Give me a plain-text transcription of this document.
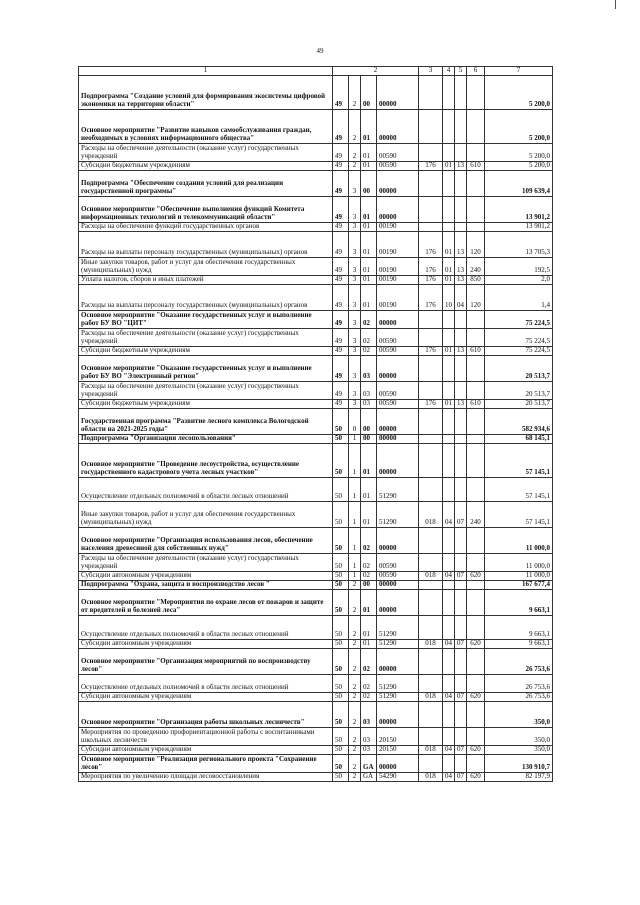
49
1	2				3	4	5	6	7
Подпрограмма "Создание условий для формирования экосистемы цифровой экономики на территории области"	49	2	00	00000					5 200,0
Основное мероприятие "Развитие навыков самообслуживания граждан, необходимых в условиях информационного общества"	49	2	01	00000					5 200,0
Расходы на обеспечение деятельности (оказание услуг) государственных учреждений	49	2	01	00590					5 200,0
Субсидии бюджетным учреждениям	49	2	01	00590	176	01	13	610	5 200,0
Подпрограмма "Обеспечение создания условий для реализации государственной программы"	49	3	00	00000					109 639,4
Основное мероприятие "Обеспечение выполнения функций Комитета информационных технологий и телекоммуникаций области"	49	3	01	00000					13 901,2
Расходы на обеспечение функций государственных органов	49	3	01	00190					13 901,2
Расходы на выплаты персоналу государственных (муниципальных) органов	49	3	01	00190	176	01	13	120	13 705,3
Иные закупки товаров, работ и услуг для обеспечения государственных (муниципальных) нужд	49	3	01	00190	176	01	13	240	192,5
Уплата налогов, сборов и иных платежей	49	3	01	00190	176	01	13	850	2,0
Расходы на выплаты персоналу государственных (муниципальных) органов	49	3	01	00190	176	10	04	120	1,4
Основное мероприятие "Оказание государственных услуг и выполнение работ БУ ВО "ЦИТ"	49	3	02	00000					75 224,5
Расходы на обеспечение деятельности (оказание услуг) государственных учреждений	49	3	02	00590					75 224,5
Субсидии бюджетным учреждениям	49	3	02	00590	176	01	13	610	75 224,5
Основное мероприятие "Оказание государственных услуг и выполнение работ БУ ВО "Электронный регион"	49	3	03	00000					20 513,7
Расходы на обеспечение деятельности (оказание услуг) государственных учреждений	49	3	03	00590					20 513,7
Субсидии бюджетным учреждениям	49	3	03	00590	176	01	13	610	20 513,7
Государственная программа "Развитие лесного комплекса Вологодской области на 2021-2025 годы"	50	0	00	00000					582 934,6
Подпрограмма "Организация лесопользования"	50	1	00	00000					68 145,1
Основное мероприятие "Проведение лесоустройства, осуществление государственного кадастрового учета лесных участков"	50	1	01	00000					57 145,1
Осуществление отдельных полномочий в области лесных отношений	50	1	01	51290					57 145,1
Иные закупки товаров, работ и услуг для обеспечения государственных (муниципальных) нужд	50	1	01	51290	018	04	07	240	57 145,1
Основное мероприятие "Организация использования лесов, обеспечение населения древесиной для собственных нужд"	50	1	02	00000					11 000,0
Расходы на обеспечение деятельности (оказание услуг) государственных учреждений	50	1	02	00590					11 000,0
Субсидии автономным учреждениям	50	1	02	00590	018	04	07	620	11 000,0
Подпрограмма "Охрана, защита и воспроизводство лесов "	50	2	00	00000					167 677,4
Основное мероприятие "Мероприятия по охране лесов от пожаров и защите от вредителей и болезней леса"	50	2	01	00000					9 663,1
Осуществление отдельных полномочий в области лесных отношений	50	2	01	51290					9 663,1
Субсидии автономным учреждениям	50	2	01	51290	018	04	07	620	9 663,1
Основное мероприятие "Организация мероприятий по воспроизводству лесов"	50	2	02	00000					26 753,6
Осуществление отдельных полномочий в области лесных отношений	50	2	02	51290					26 753,6
Субсидии автономным учреждениям	50	2	02	51290	018	04	07	620	26 753,6
Основное мероприятие "Организация работы школьных лесничеств"	50	2	03	00000					350,0
Мероприятия по проведению профориентационной работы с воспитанниками школьных лесничеств	50	2	03	20150					350,0
Субсидии автономным учреждениям	50	2	03	20150	018	04	07	620	350,0
Основное мероприятие "Реализация регионального проекта "Сохранение лесов"	50	2	GA	00000					130 910,7
Мероприятия по увеличению площади лесовосстановления	50	2	GA	54290	018	04	07	620	82 197,9
